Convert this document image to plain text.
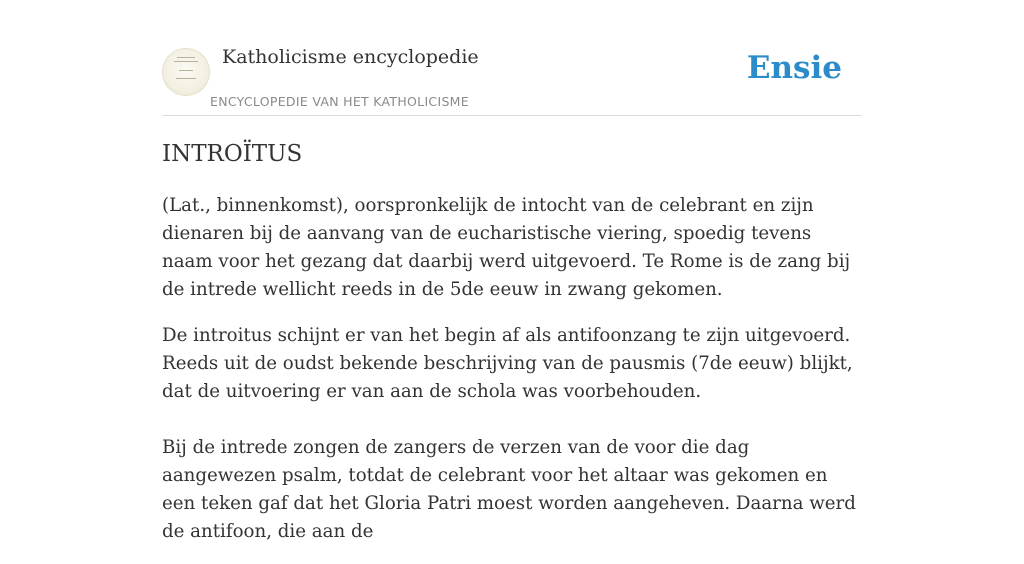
Katholicisme encyclopedie
ENCYCLOPEDIE VAN HET KATHOLICISME
Ensie
INTROÏTUS

(Lat., binnenkomst), oorspronkelijk de intocht van de celebrant en zijn dienaren bij de aanvang van de eucharistische viering, spoedig tevens naam voor het gezang dat daarbij werd uitgevoerd. Te Rome is de zang bij de intrede wellicht reeds in de 5de eeuw in zwang gekomen.

De introitus schijnt er van het begin af als antifoonzang te zijn uitgevoerd. Reeds uit de oudst bekende beschrijving van de pausmis (7de eeuw) blijkt, dat de uitvoering er van aan de schola was voorbehouden.

Bij de intrede zongen de zangers de verzen van de voor die dag aangewezen psalm, totdat de celebrant voor het altaar was gekomen en een teken gaf dat het Gloria Patri moest worden aangeheven. Daarna werd de antifoon, die aan de
